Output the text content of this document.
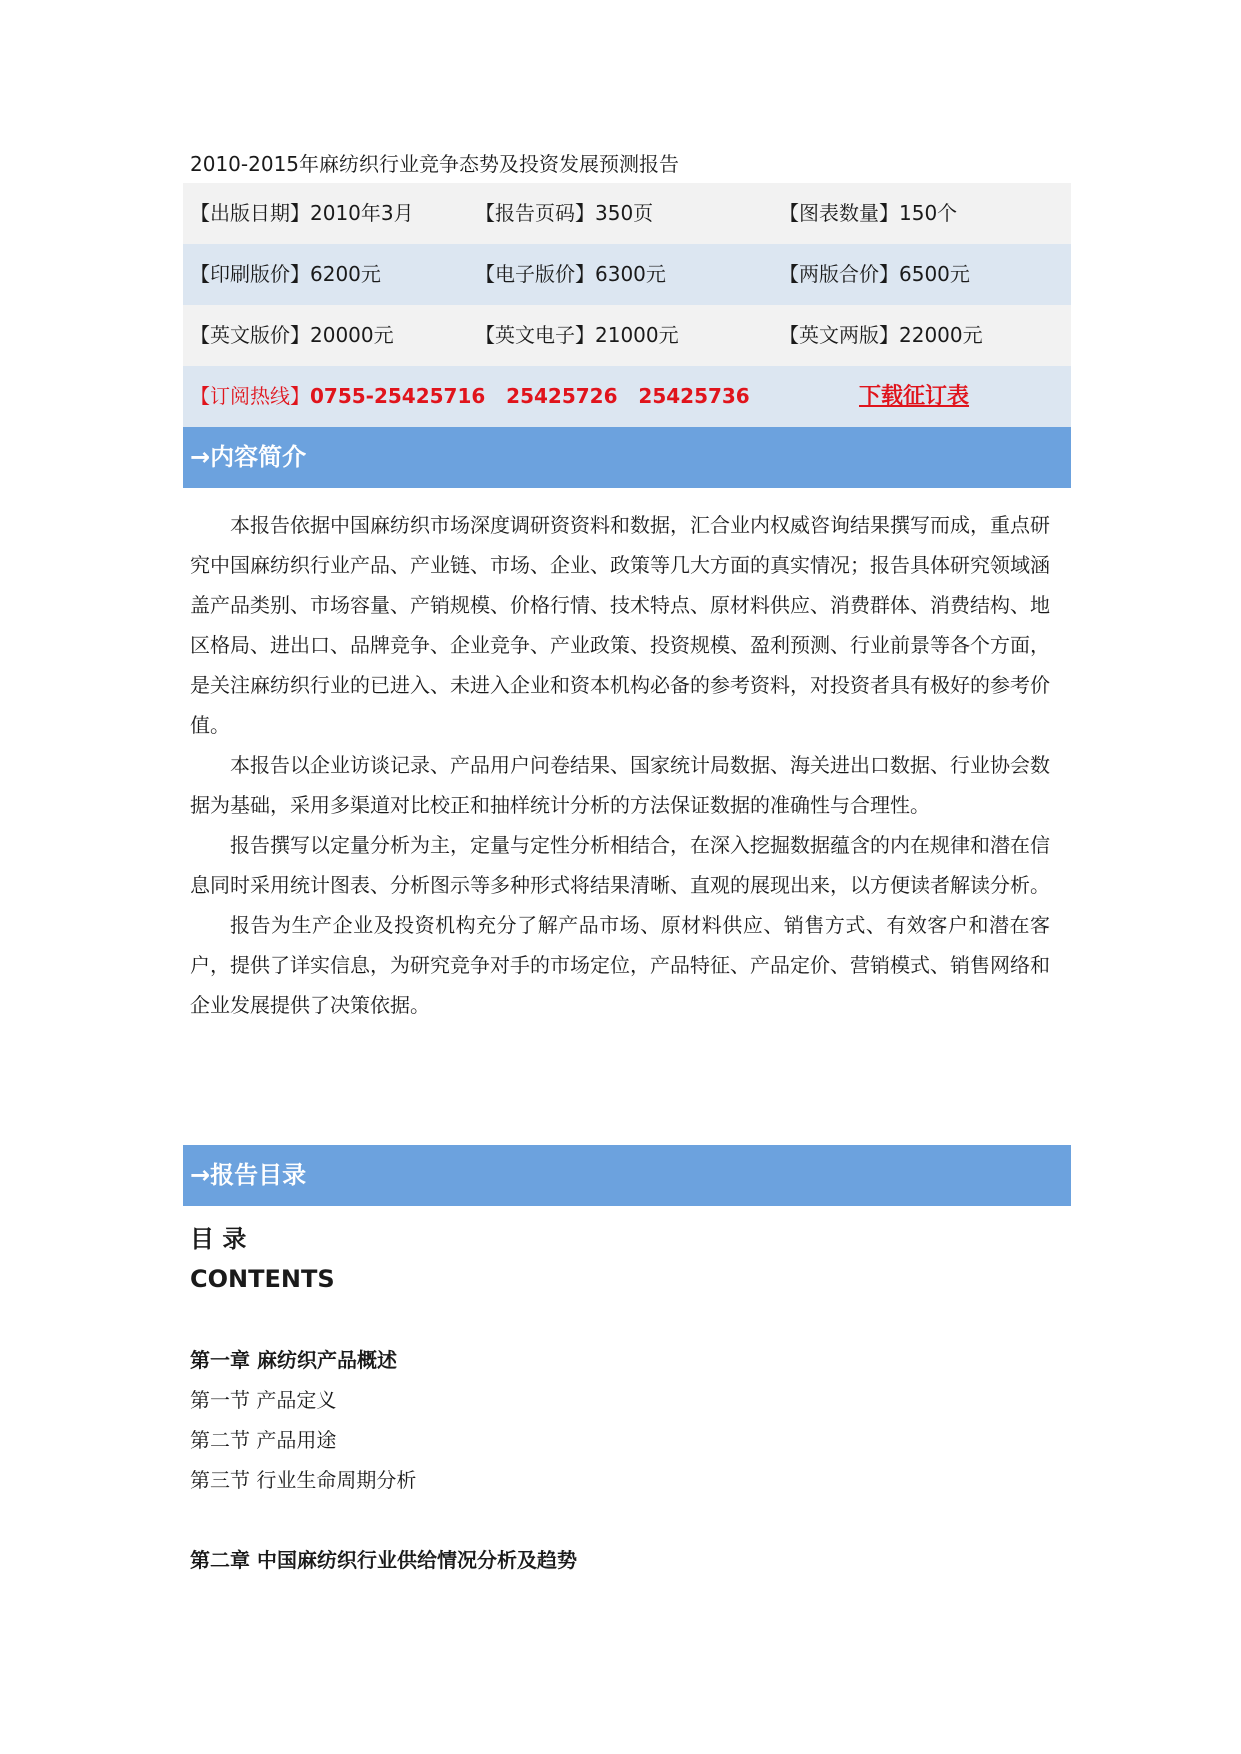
2010-2015年麻纺织行业竞争态势及投资发展预测报告
【出版日期】2010年3月	【报告页码】350页	【图表数量】150个
【印刷版价】6200元	【电子版价】6300元	【两版合价】6500元
【英文版价】20000元	【英文电子】21000元	【英文两版】22000元
【订阅热线】0755-25425716   25425726   25425736	下载征订表
→内容简介

本报告依据中国麻纺织市场深度调研资资料和数据，汇合业内权威咨询结果撰写而成，重点研究中国麻纺织行业产品、产业链、市场、企业、政策等几大方面的真实情况；报告具体研究领域涵盖产品类别、市场容量、产销规模、价格行情、技术特点、原材料供应、消费群体、消费结构、地区格局、进出口、品牌竞争、企业竞争、产业政策、投资规模、盈利预测、行业前景等各个方面，是关注麻纺织行业的已进入、未进入企业和资本机构必备的参考资料，对投资者具有极好的参考价值。

本报告以企业访谈记录、产品用户问卷结果、国家统计局数据、海关进出口数据、行业协会数据为基础，采用多渠道对比校正和抽样统计分析的方法保证数据的准确性与合理性。

报告撰写以定量分析为主，定量与定性分析相结合，在深入挖掘数据蕴含的内在规律和潜在信息同时采用统计图表、分析图示等多种形式将结果清晰、直观的展现出来，以方便读者解读分析。

报告为生产企业及投资机构充分了解产品市场、原材料供应、销售方式、有效客户和潜在客户，提供了详实信息，为研究竞争对手的市场定位，产品特征、产品定价、营销模式、销售网络和企业发展提供了决策依据。

→报告目录
目 录
CONTENTS
第一章 麻纺织产品概述
第一节 产品定义
第二节 产品用途
第三节 行业生命周期分析
第二章 中国麻纺织行业供给情况分析及趋势
